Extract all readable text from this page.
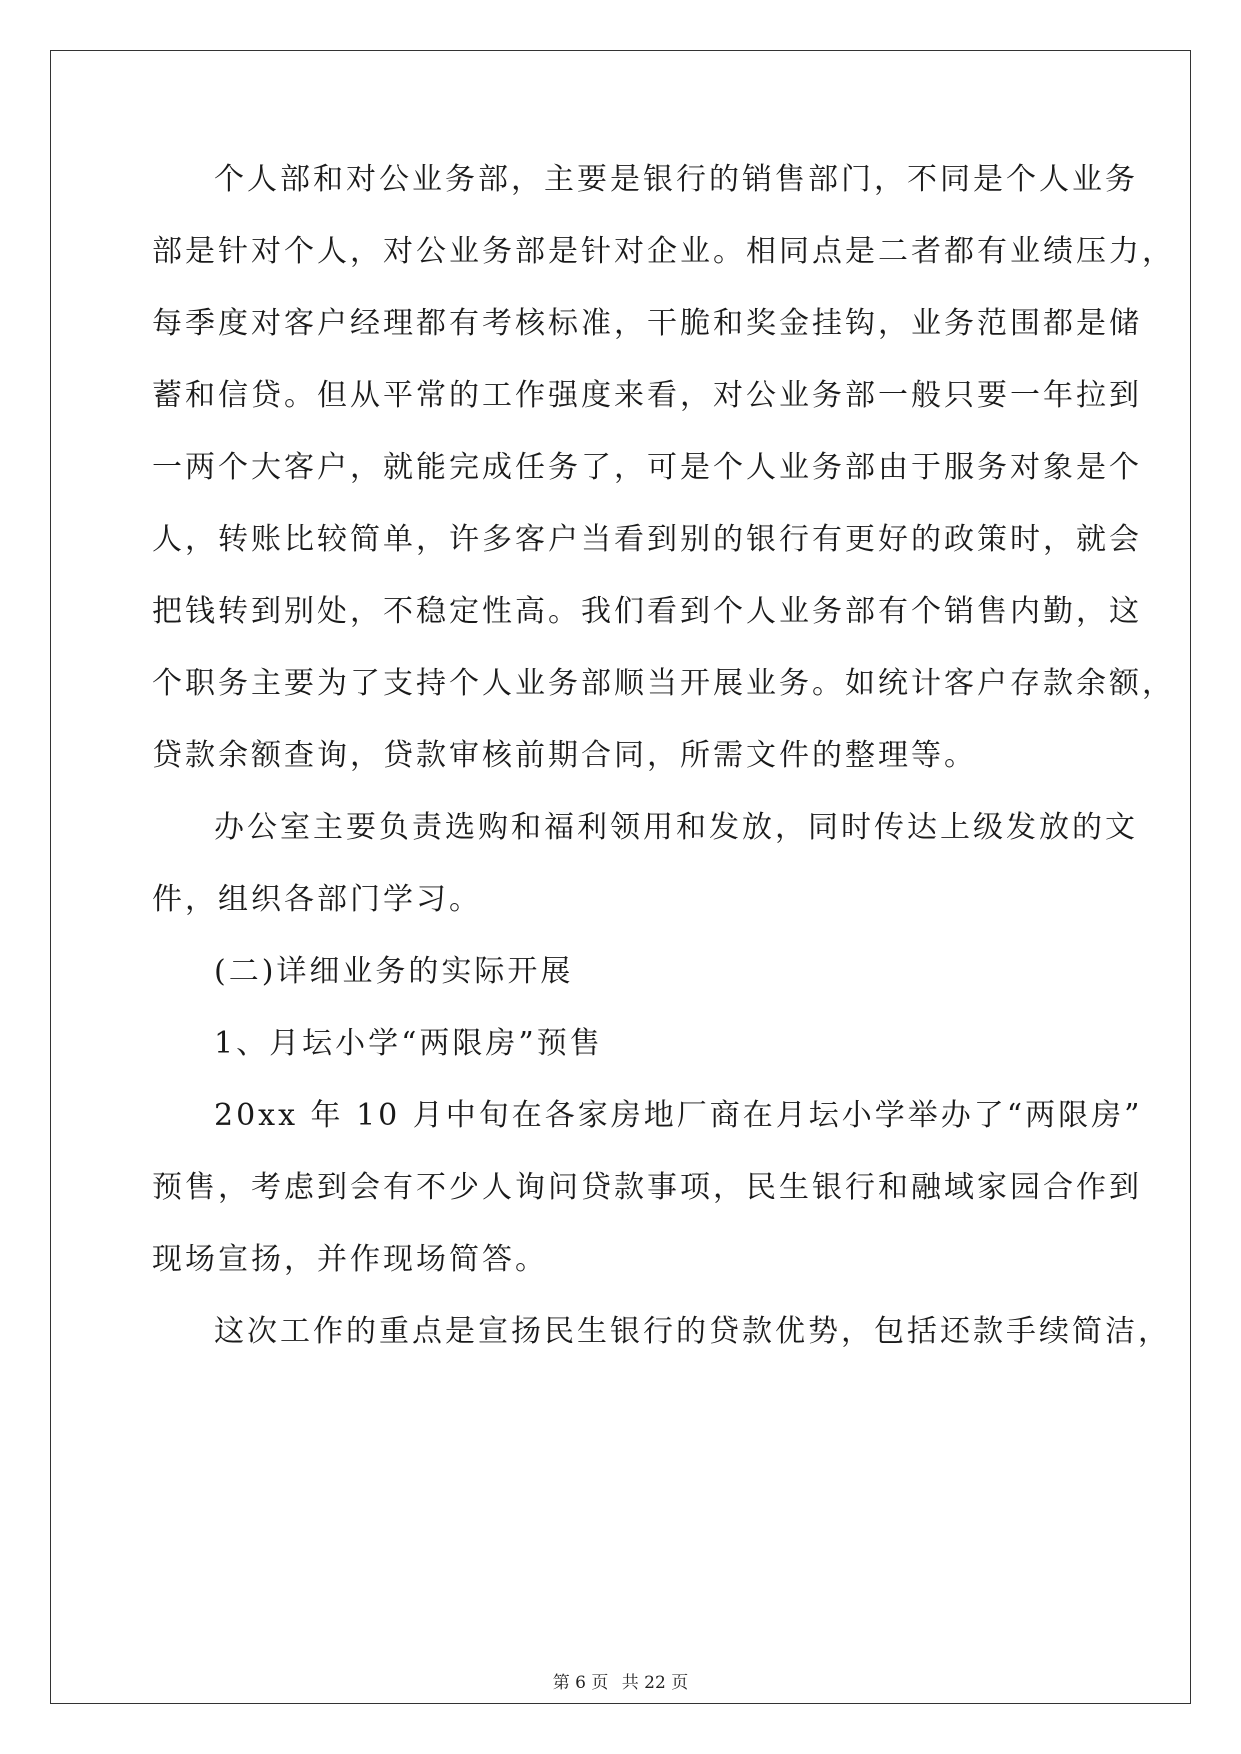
个人部和对公业务部，主要是银行的销售部门，不同是个人业务
部是针对个人，对公业务部是针对企业。相同点是二者都有业绩压力，
每季度对客户经理都有考核标准，干脆和奖金挂钩，业务范围都是储
蓄和信贷。但从平常的工作强度来看，对公业务部一般只要一年拉到
一两个大客户，就能完成任务了，可是个人业务部由于服务对象是个
人，转账比较简单，许多客户当看到别的银行有更好的政策时，就会
把钱转到别处，不稳定性高。我们看到个人业务部有个销售内勤，这
个职务主要为了支持个人业务部顺当开展业务。如统计客户存款余额，
贷款余额查询，贷款审核前期合同，所需文件的整理等。
办公室主要负责选购和福利领用和发放，同时传达上级发放的文
件，组织各部门学习。
(二)详细业务的实际开展
1、月坛小学“两限房”预售
20xx 年 10 月中旬在各家房地厂商在月坛小学举办了“两限房”
预售，考虑到会有不少人询问贷款事项，民生银行和融域家园合作到
现场宣扬，并作现场简答。
这次工作的重点是宣扬民生银行的贷款优势，包括还款手续简洁，
第 6 页 共 22 页
